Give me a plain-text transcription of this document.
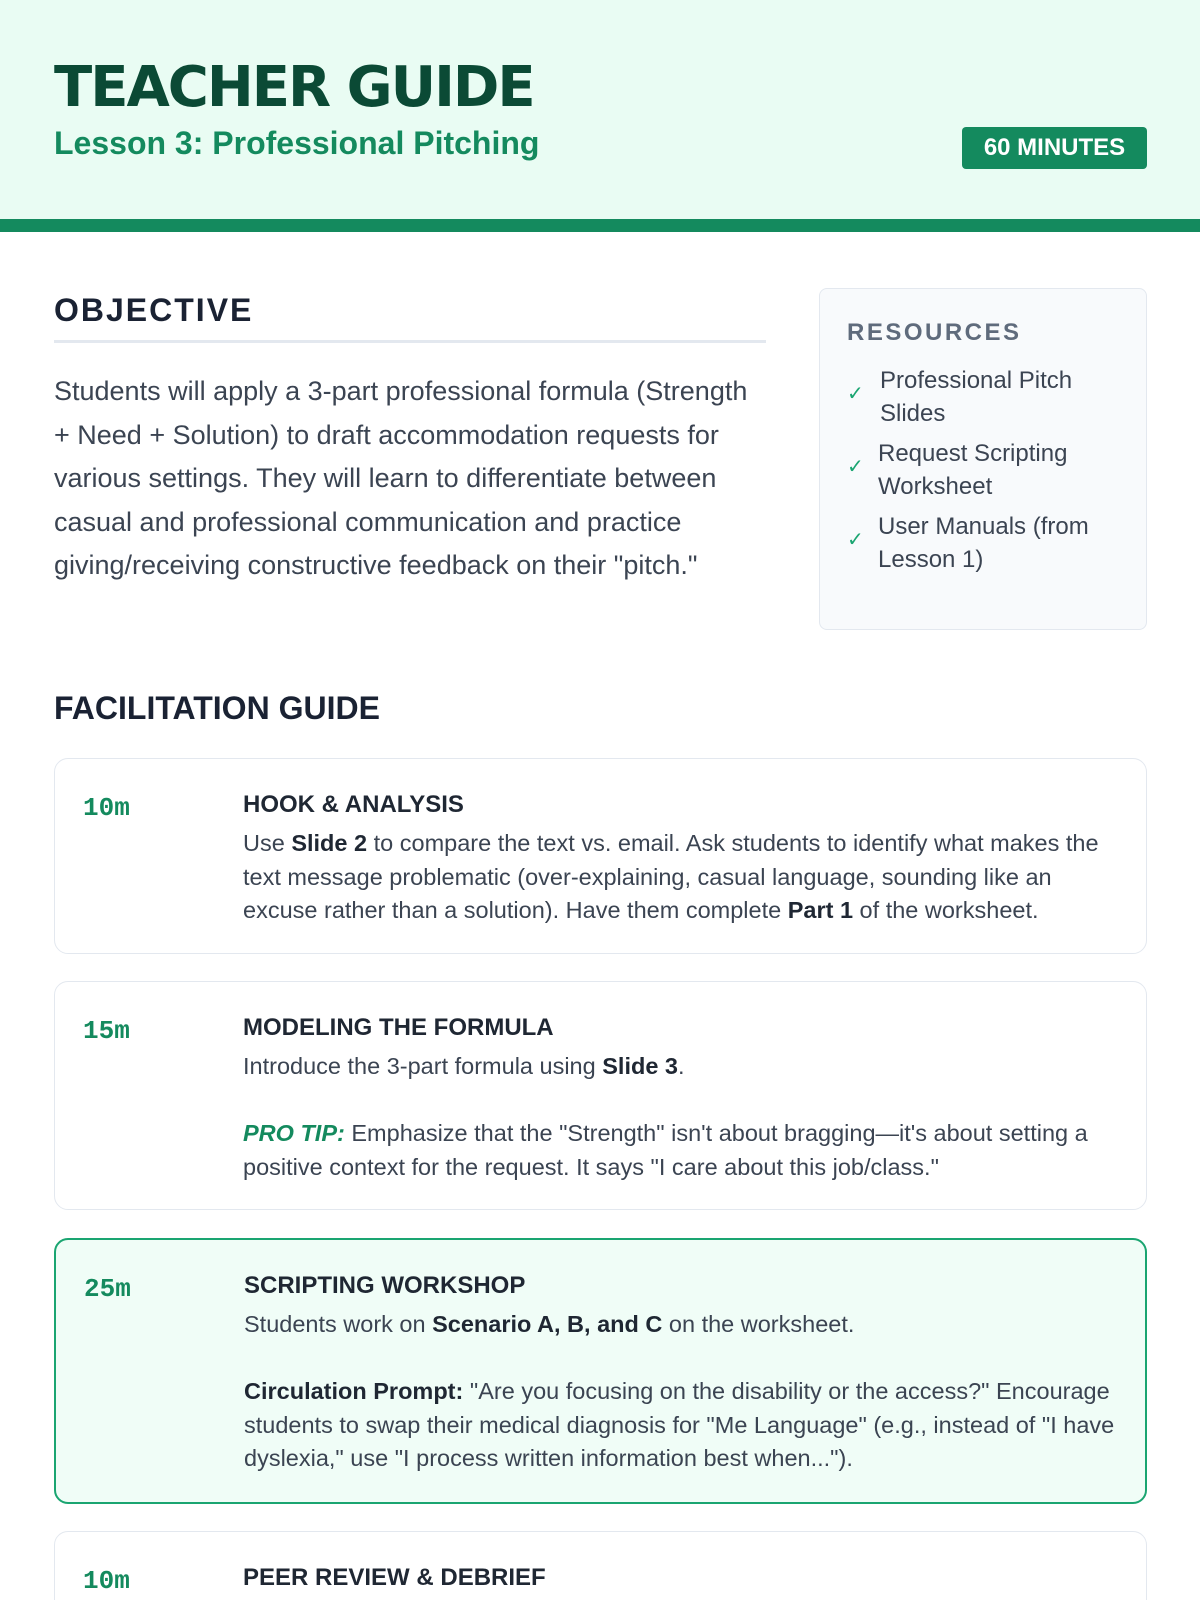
TEACHER GUIDE
Lesson 3: Professional Pitching	60 MINUTES
OBJECTIVE
Students will apply a 3-part professional formula (Strength + Need + Solution) to draft accommodation requests for various settings. They will learn to differentiate between casual and professional communication and practice giving/receiving constructive feedback on their "pitch."
RESOURCES
✓ Professional Pitch Slides
✓ Request Scripting Worksheet
✓ User Manuals (from Lesson 1)
FACILITATION GUIDE
10m	HOOK & ANALYSIS
Use Slide 2 to compare the text vs. email. Ask students to identify what makes the text message problematic (over-explaining, casual language, sounding like an excuse rather than a solution). Have them complete Part 1 of the worksheet.
15m	MODELING THE FORMULA
Introduce the 3-part formula using Slide 3.
PRO TIP: Emphasize that the "Strength" isn't about bragging—it's about setting a positive context for the request. It says "I care about this job/class."
25m	SCRIPTING WORKSHOP
Students work on Scenario A, B, and C on the worksheet.
Circulation Prompt: "Are you focusing on the disability or the access?" Encourage students to swap their medical diagnosis for "Me Language" (e.g., instead of "I have dyslexia," use "I process written information best when...").
10m	PEER REVIEW & DEBRIEF
